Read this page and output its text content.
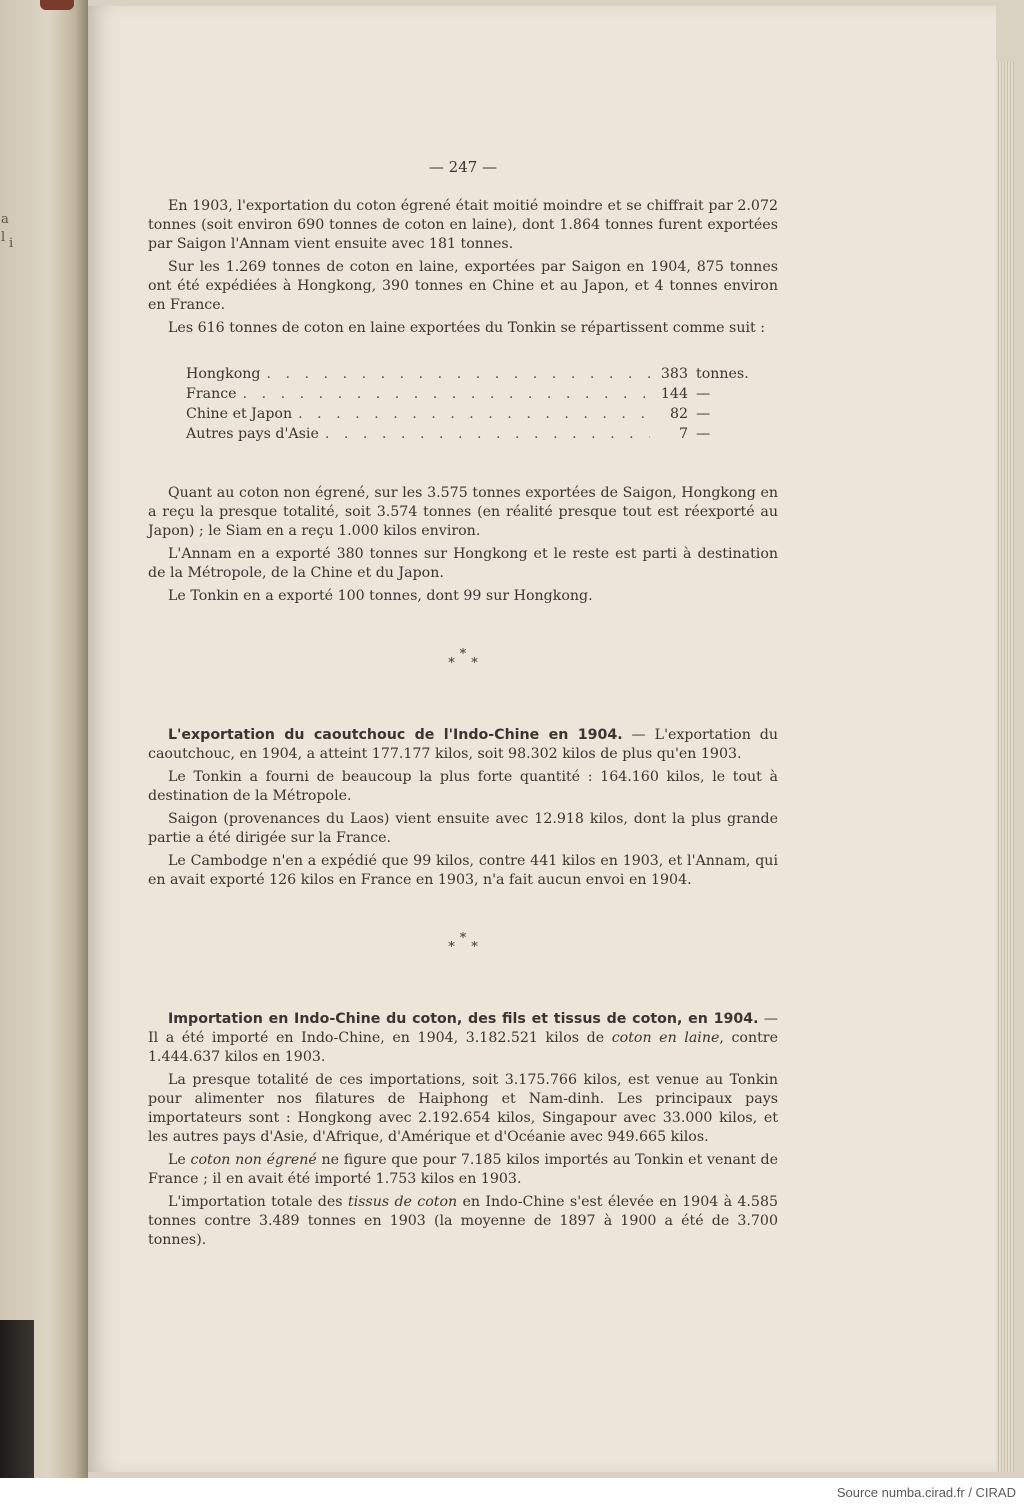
a
l i
— 247 —

En 1903, l'exportation du coton égrené était moitié moindre et se chiffrait par 2.072 tonnes (soit environ 690 tonnes de coton en laine), dont 1.864 tonnes furent exportées par Saigon l'Annam vient ensuite avec 181 tonnes.

Sur les 1.269 tonnes de coton en laine, exportées par Saigon en 1904, 875 tonnes ont été expédiées à Hongkong, 390 tonnes en Chine et au Japon, et 4 tonnes environ en France.

Les 616 tonnes de coton en laine exportées du Tonkin se répartissent comme suit :

Hongkong . . .	383 tonnes.
France . . .	144 —
Chine et Japon . . .	82 —
Autres pays d'Asie . . .	7 —

Quant au coton non égrené, sur les 3.575 tonnes exportées de Saigon, Hongkong en a reçu la presque totalité, soit 3.574 tonnes (en réalité presque tout est réexporté au Japon) ; le Siam en a reçu 1.000 kilos environ.

L'Annam en a exporté 380 tonnes sur Hongkong et le reste est parti à destination de la Métropole, de la Chine et du Japon.

Le Tonkin en a exporté 100 tonnes, dont 99 sur Hongkong.

*
* *

L'exportation du caoutchouc de l'Indo-Chine en 1904. — L'exportation du caoutchouc, en 1904, a atteint 177.177 kilos, soit 98.302 kilos de plus qu'en 1903.

Le Tonkin a fourni de beaucoup la plus forte quantité : 164.160 kilos, le tout à destination de la Métropole.

Saigon (provenances du Laos) vient ensuite avec 12.918 kilos, dont la plus grande partie a été dirigée sur la France.

Le Cambodge n'en a expédié que 99 kilos, contre 441 kilos en 1903, et l'Annam, qui en avait exporté 126 kilos en France en 1903, n'a fait aucun envoi en 1904.

*
* *

Importation en Indo-Chine du coton, des fils et tissus de coton, en 1904. — Il a été importé en Indo-Chine, en 1904, 3.182.521 kilos de coton en laine, contre 1.444.637 kilos en 1903.

La presque totalité de ces importations, soit 3.175.766 kilos, est venue au Tonkin pour alimenter nos filatures de Haiphong et Nam-dinh. Les principaux pays importateurs sont : Hongkong avec 2.192.654 kilos, Singapour avec 33.000 kilos, et les autres pays d'Asie, d'Afrique, d'Amérique et d'Océanie avec 949.665 kilos.

Le coton non égrené ne figure que pour 7.185 kilos importés au Tonkin et venant de France ; il en avait été importé 1.753 kilos en 1903.

L'importation totale des tissus de coton en Indo-Chine s'est élevée en 1904 à 4.585 tonnes contre 3.489 tonnes en 1903 (la moyenne de 1897 à 1900 a été de 3.700 tonnes).

Source numba.cirad.fr / CIRAD
